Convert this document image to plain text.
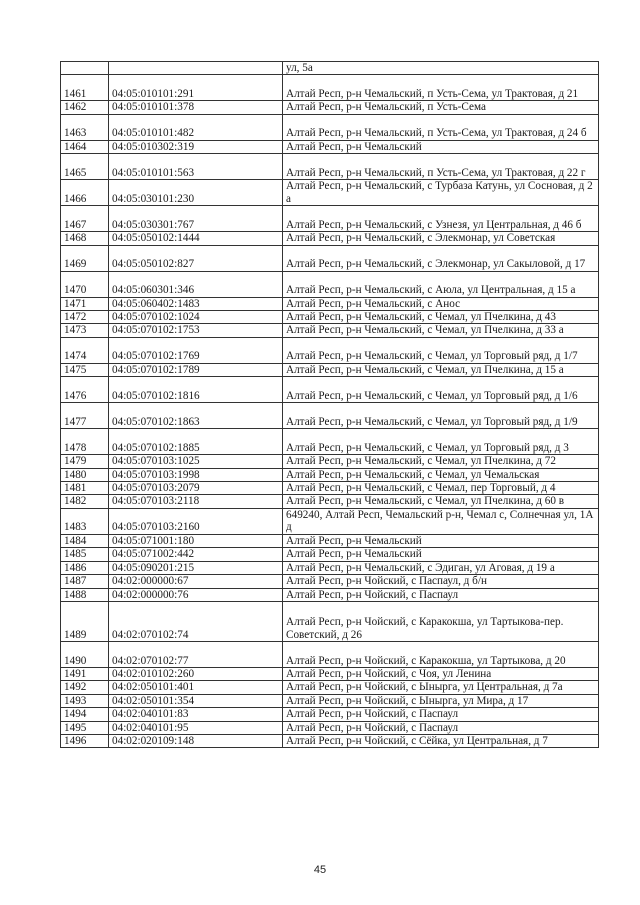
		ул, 5а
1461	04:05:010101:291	Алтай Респ, р-н Чемальский, п Усть-Сема, ул Трактовая, д 21
1462	04:05:010101:378	Алтай Респ, р-н Чемальский, п Усть-Сема
1463	04:05:010101:482	Алтай Респ, р-н Чемальский, п Усть-Сема, ул Трактовая, д 24 б
1464	04:05:010302:319	Алтай Респ, р-н Чемальский
1465	04:05:010101:563	Алтай Респ, р-н Чемальский, п Усть-Сема, ул Трактовая, д 22 г
1466	04:05:030101:230	Алтай Респ, р-н Чемальский, с Турбаза Катунь, ул Сосновая, д 2 а
1467	04:05:030301:767	Алтай Респ, р-н Чемальский, с Узнезя, ул Центральная, д 46 б
1468	04:05:050102:1444	Алтай Респ, р-н Чемальский, с Элекмонар, ул Советская
1469	04:05:050102:827	Алтай Респ, р-н Чемальский, с Элекмонар, ул Сакыловой, д 17
1470	04:05:060301:346	Алтай Респ, р-н Чемальский, с Аюла, ул Центральная, д 15 а
1471	04:05:060402:1483	Алтай Респ, р-н Чемальский, с Анос
1472	04:05:070102:1024	Алтай Респ, р-н Чемальский, с Чемал, ул Пчелкина, д 43
1473	04:05:070102:1753	Алтай Респ, р-н Чемальский, с Чемал, ул Пчелкина, д 33 а
1474	04:05:070102:1769	Алтай Респ, р-н Чемальский, с Чемал, ул Торговый ряд, д 1/7
1475	04:05:070102:1789	Алтай Респ, р-н Чемальский, с Чемал, ул Пчелкина, д 15 а
1476	04:05:070102:1816	Алтай Респ, р-н Чемальский, с Чемал, ул Торговый ряд, д 1/6
1477	04:05:070102:1863	Алтай Респ, р-н Чемальский, с Чемал, ул Торговый ряд, д 1/9
1478	04:05:070102:1885	Алтай Респ, р-н Чемальский, с Чемал, ул Торговый ряд, д 3
1479	04:05:070103:1025	Алтай Респ, р-н Чемальский, с Чемал, ул Пчелкина, д 72
1480	04:05:070103:1998	Алтай Респ, р-н Чемальский, с Чемал, ул Чемальская
1481	04:05:070103:2079	Алтай Респ, р-н Чемальский, с Чемал, пер Торговый, д 4
1482	04:05:070103:2118	Алтай Респ, р-н Чемальский, с Чемал, ул Пчелкина, д 60 в
1483	04:05:070103:2160	649240, Алтай Респ, Чемальский р-н, Чемал с, Солнечная ул, 1А д
1484	04:05:071001:180	Алтай Респ, р-н Чемальский
1485	04:05:071002:442	Алтай Респ, р-н Чемальский
1486	04:05:090201:215	Алтай Респ, р-н Чемальский, с Эдиган, ул Аговая, д 19 а
1487	04:02:000000:67	Алтай Респ, р-н Чойский, с Паспаул, д б/н
1488	04:02:000000:76	Алтай Респ, р-н Чойский, с Паспаул
1489	04:02:070102:74	Алтай Респ, р-н Чойский, с Каракокша, ул Тартыкова-пер. Советский, д 26
1490	04:02:070102:77	Алтай Респ, р-н Чойский, с Каракокша, ул Тартыкова, д 20
1491	04:02:010102:260	Алтай Респ, р-н Чойский, с Чоя, ул Ленина
1492	04:02:050101:401	Алтай Респ, р-н Чойский, с Ыныргa, ул Центральная, д 7а
1493	04:02:050101:354	Алтай Респ, р-н Чойский, с Ынырга, ул Мира, д 17
1494	04:02:040101:83	Алтай Респ, р-н Чойский, с Паспаул
1495	04:02:040101:95	Алтай Респ, р-н Чойский, с Паспаул
1496	04:02:020109:148	Алтай Респ, р-н Чойский, с Сёйка, ул Центральная, д 7
45
